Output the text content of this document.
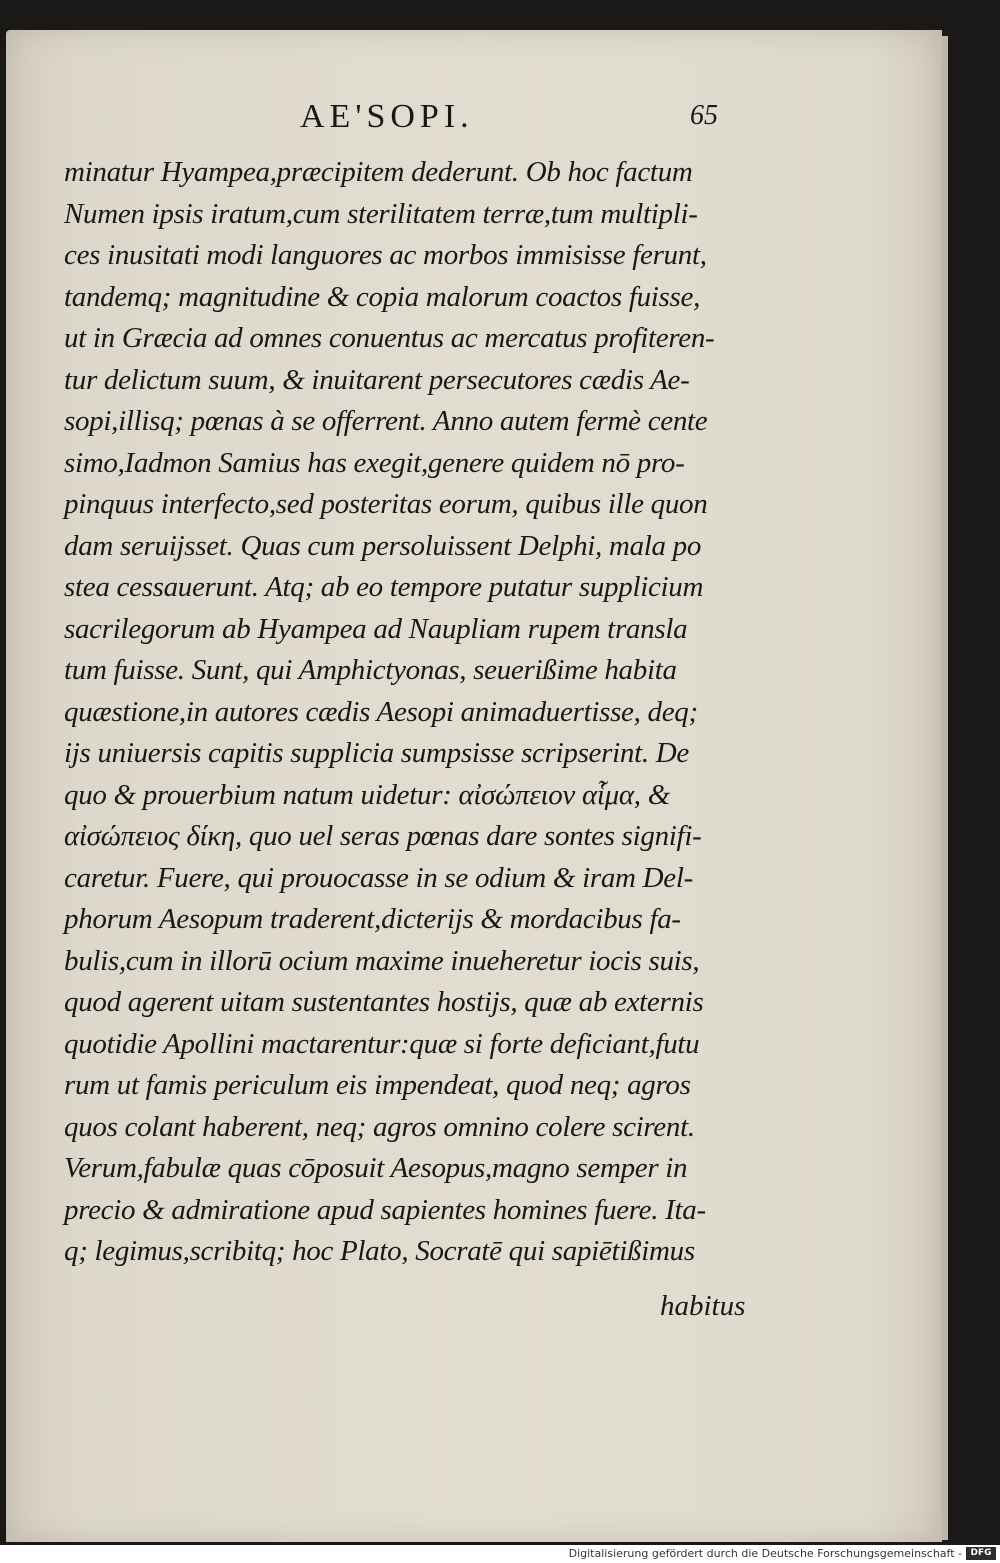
AE'SOPI.	65
minatur Hyampea,præcipitem dederunt. Ob hoc factum
Numen ipsis iratum,cum sterilitatem terræ,tum multipli-
ces inusitati modi languores ac morbos immisisse ferunt,
tandemq; magnitudine & copia malorum coactos fuisse,
ut in Græcia ad omnes conuentus ac mercatus profiteren-
tur delictum suum, & inuitarent persecutores cædis Ae-
sopi,illisq; pœnas à se offerrent. Anno autem fermè cente
simo,Iadmon Samius has exegit,genere quidem nō pro-
pinquus interfecto,sed posteritas eorum, quibus ille quon
dam seruijsset. Quas cum persoluissent Delphi, mala po
stea cessauerunt. Atq; ab eo tempore putatur supplicium
sacrilegorum ab Hyampea ad Naupliam rupem transla
tum fuisse. Sunt, qui Amphictyonas, seuerißime habita
quæstione,in autores cædis Aesopi animaduertisse, deq;
ijs uniuersis capitis supplicia sumpsisse scripserint. De
quo & prouerbium natum uidetur: αἰσώπειον αἷμα, &
αἰσώπειος δίκη, quo uel seras pœnas dare sontes signifi-
caretur. Fuere, qui prouocasse in se odium & iram Del-
phorum Aesopum traderent,dicterijs & mordacibus fa-
bulis,cum in illorū ocium maxime inueheretur iocis suis,
quod agerent uitam sustentantes hostijs, quæ ab externis
quotidie Apollini mactarentur:quæ si forte deficiant,futu
rum ut famis periculum eis impendeat, quod neq; agros
quos colant haberent, neq; agros omnino colere scirent.
Verum,fabulæ quas cōposuit Aesopus,magno semper in
precio & admiratione apud sapientes homines fuere. Ita-
q; legimus,scribitq; hoc Plato, Socratē qui sapiētißimus
habitus
Digitalisierung gefördert durch die Deutsche Forschungsgemeinschaft - DFG
